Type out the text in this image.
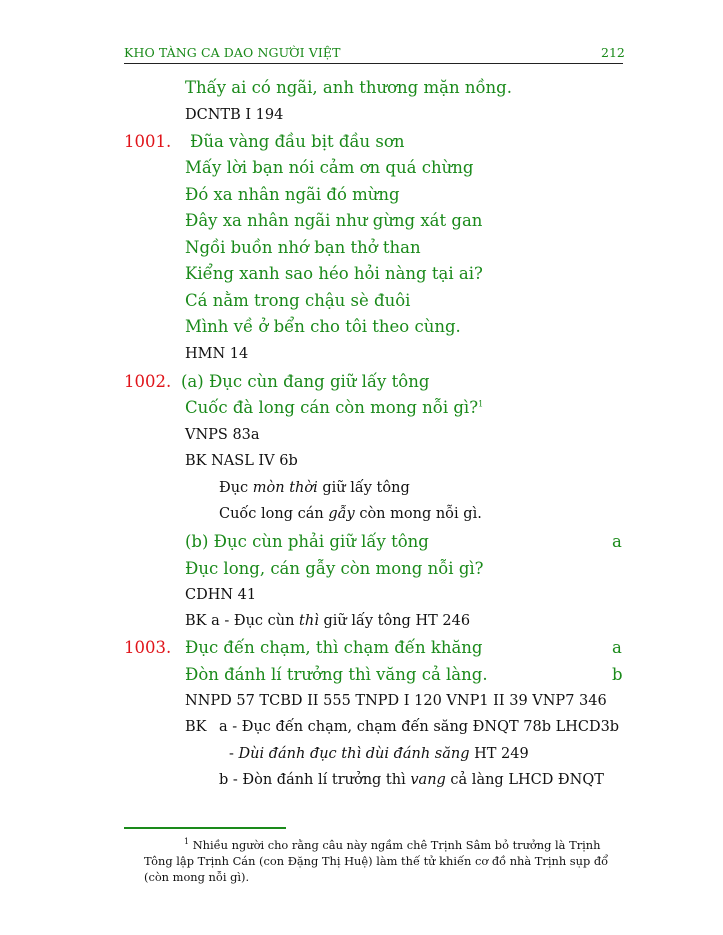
KHO TÀNG CA DAO NGƯỜI VIỆT	212
Thấy ai có ngãi, anh thương mặn nồng.
DCNTB I 194
1001. Đũa vàng đầu bịt đầu sơn
Mấy lời bạn nói cảm ơn quá chừng
Đó xa nhân ngãi đó mừng
Đây xa nhân ngãi như gừng xát gan
Ngồi buồn nhớ bạn thở than
Kiểng xanh sao héo hỏi nàng tại ai?
Cá nằm trong chậu sè đuôi
Mình về ở bển cho tôi theo cùng.
HMN 14
1002. (a) Đục cùn đang giữ lấy tông
Cuốc đà long cán còn mong nỗi gì?$^1$
VNPS 83a
BK NASL IV 6b
Đục mòn thời giữ lấy tông
Cuốc long cán gẫy còn mong nỗi gì.
(b) Đục cùn phải giữ lấy tông	a
Đục long, cán gẫy còn mong nỗi gì?
CDHN 41
BK a - Đục cùn thì giữ lấy tông HT 246
1003. Đục đến chạm, thì chạm đến khăng	a
Đòn đánh lí trưởng thì văng cả làng.	b
NNPD 57 TCBD II 555 TNPD I 120 VNP1 II 39 VNP7 346
BK a - Đục đến chạm, chạm đến săng ĐNQT 78b LHCD3b
- Dùi đánh đục thì dùi đánh săng HT 249
b - Đòn đánh lí trưởng thì vang cả làng LHCD ĐNQT
$^1$ Nhiều người cho rằng câu này ngầm chê Trịnh Sâm bỏ trưởng là Trịnh Tông lập Trịnh Cán (con Đặng Thị Huệ) làm thế tử khiến cơ đồ nhà Trịnh sụp đổ (còn mong nỗi gì).
